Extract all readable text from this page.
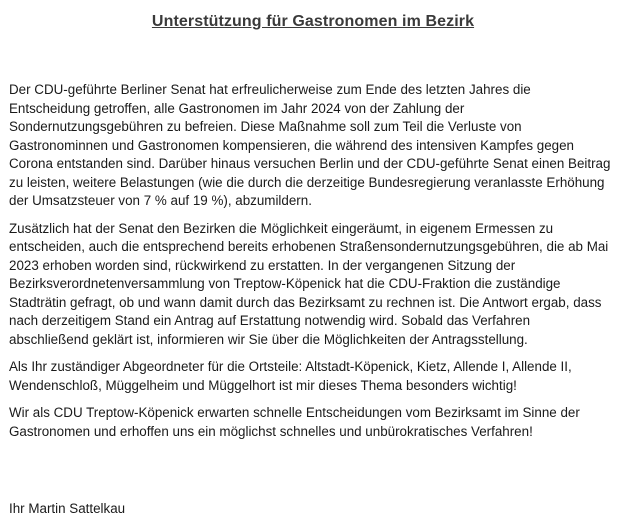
Unterstützung für Gastronomen im Bezirk

Der CDU-geführte Berliner Senat hat erfreulicherweise zum Ende des letzten Jahres die Entscheidung getroffen, alle Gastronomen im Jahr 2024 von der Zahlung der Sondernutzungsgebühren zu befreien. Diese Maßnahme soll zum Teil die Verluste von Gastronominnen und Gastronomen kompensieren, die während des intensiven Kampfes gegen Corona entstanden sind. Darüber hinaus versuchen Berlin und der CDU-geführte Senat einen Beitrag zu leisten, weitere Belastungen (wie die durch die derzeitige Bundesregierung veranlasste Erhöhung der Umsatzsteuer von 7 % auf 19 %), abzumildern.

Zusätzlich hat der Senat den Bezirken die Möglichkeit eingeräumt, in eigenem Ermessen zu entscheiden, auch die entsprechend bereits erhobenen Straßensondernutzungsgebühren, die ab Mai 2023 erhoben worden sind, rückwirkend zu erstatten. In der vergangenen Sitzung der Bezirksverordnetenversammlung von Treptow-Köpenick hat die CDU-Fraktion die zuständige Stadträtin gefragt, ob und wann damit durch das Bezirksamt zu rechnen ist. Die Antwort ergab, dass nach derzeitigem Stand ein Antrag auf Erstattung notwendig wird. Sobald das Verfahren abschließend geklärt ist, informieren wir Sie über die Möglichkeiten der Antragsstellung.

Als Ihr zuständiger Abgeordneter für die Ortsteile: Altstadt-Köpenick, Kietz, Allende I, Allende II, Wendenschloß, Müggelheim und Müggelhort ist mir dieses Thema besonders wichtig!

Wir als CDU Treptow-Köpenick erwarten schnelle Entscheidungen vom Bezirksamt im Sinne der Gastronomen und erhoffen uns ein möglichst schnelles und unbürokratisches Verfahren!

Ihr Martin Sattelkau
